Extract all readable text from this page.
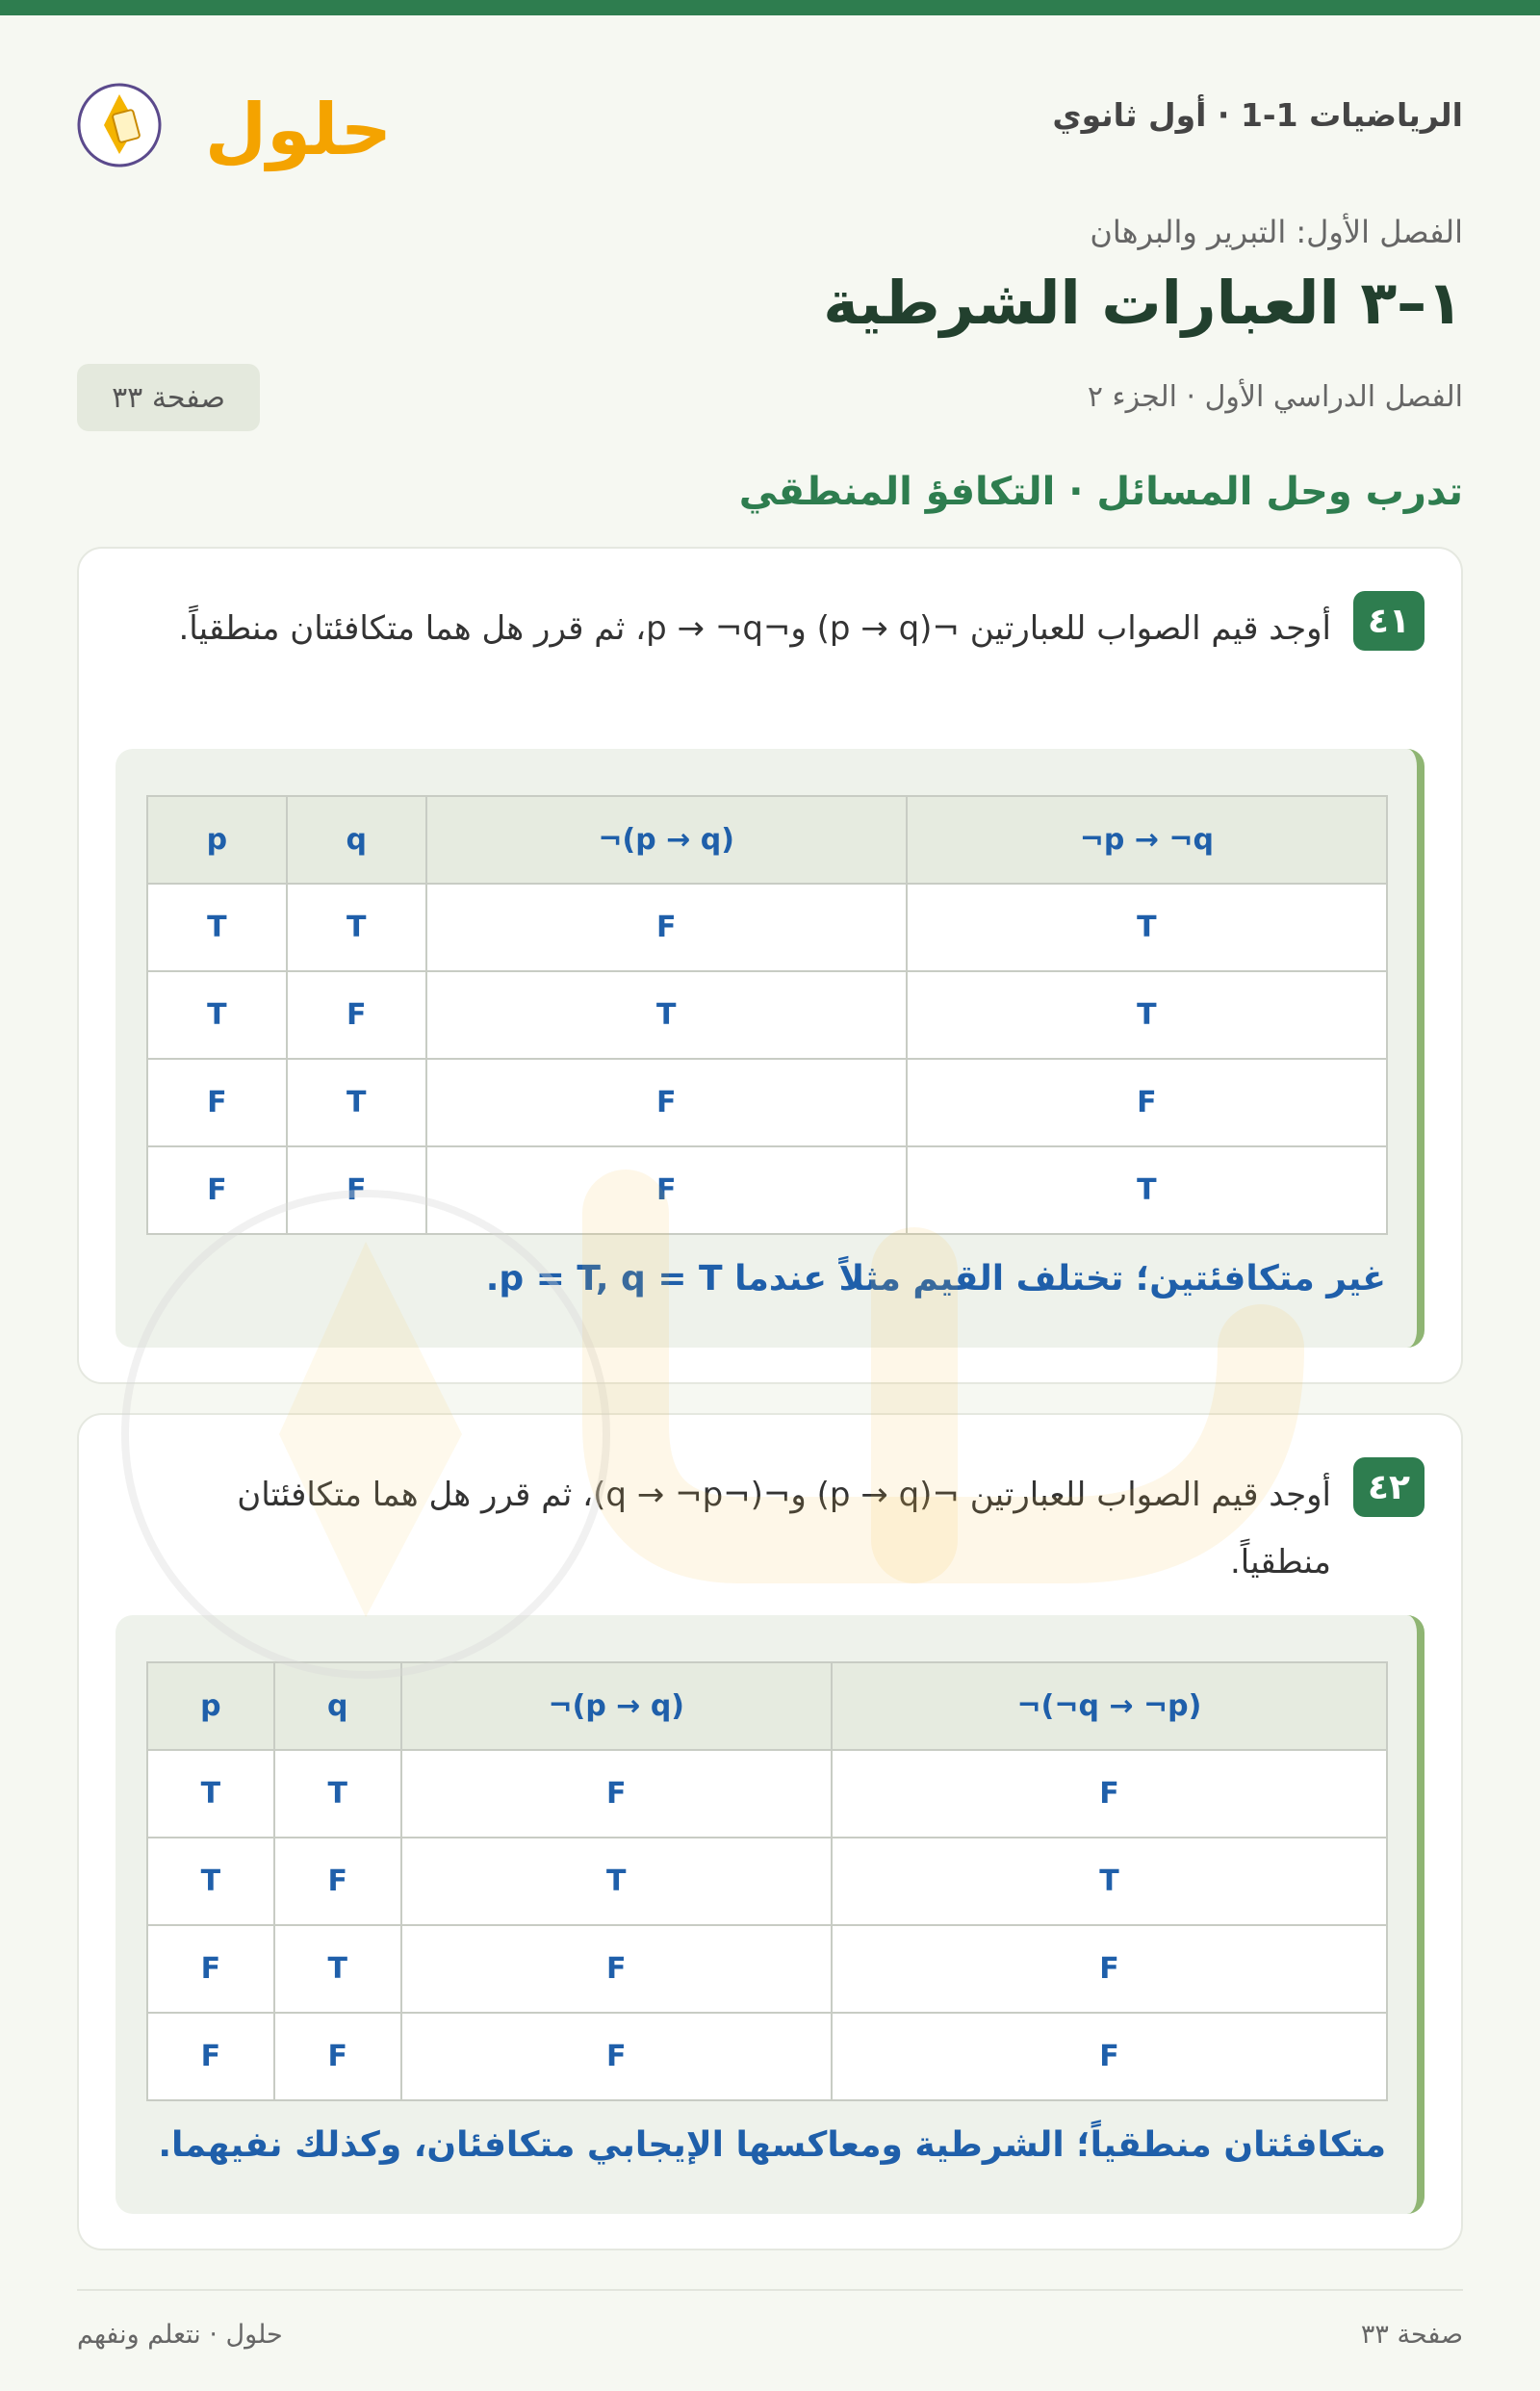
الرياضيات 1-1 · أول ثانوي
حلول
الفصل الأول: التبرير والبرهان
١–٣ العبارات الشرطية
الفصل الدراسي الأول · الجزء ٢
صفحة ٣٣
تدرب وحل المسائل · التكافؤ المنطقي
٤١
أوجد قيم الصواب للعبارتين ¬(p → q) و¬p → ¬q، ثم قرر هل هما متكافئتان منطقياً.
¬p → ¬q	¬(p → q)	q	p
T	F	T	T
T	T	F	T
F	F	T	F
T	F	F	F
غير متكافئتين؛ تختلف القيم مثلاً عندما p = T, q = T.
٤٢
أوجد قيم الصواب للعبارتين ¬(p → q) و¬(¬q → ¬p)، ثم قرر هل هما متكافئتان منطقياً.
¬(¬q → ¬p)	¬(p → q)	q	p
F	F	T	T
T	T	F	T
F	F	T	F
F	F	F	F
متكافئتان منطقياً؛ الشرطية ومعاكسها الإيجابي متكافئان، وكذلك نفيهما.
صفحة ٣٣
حلول · نتعلم ونفهم
